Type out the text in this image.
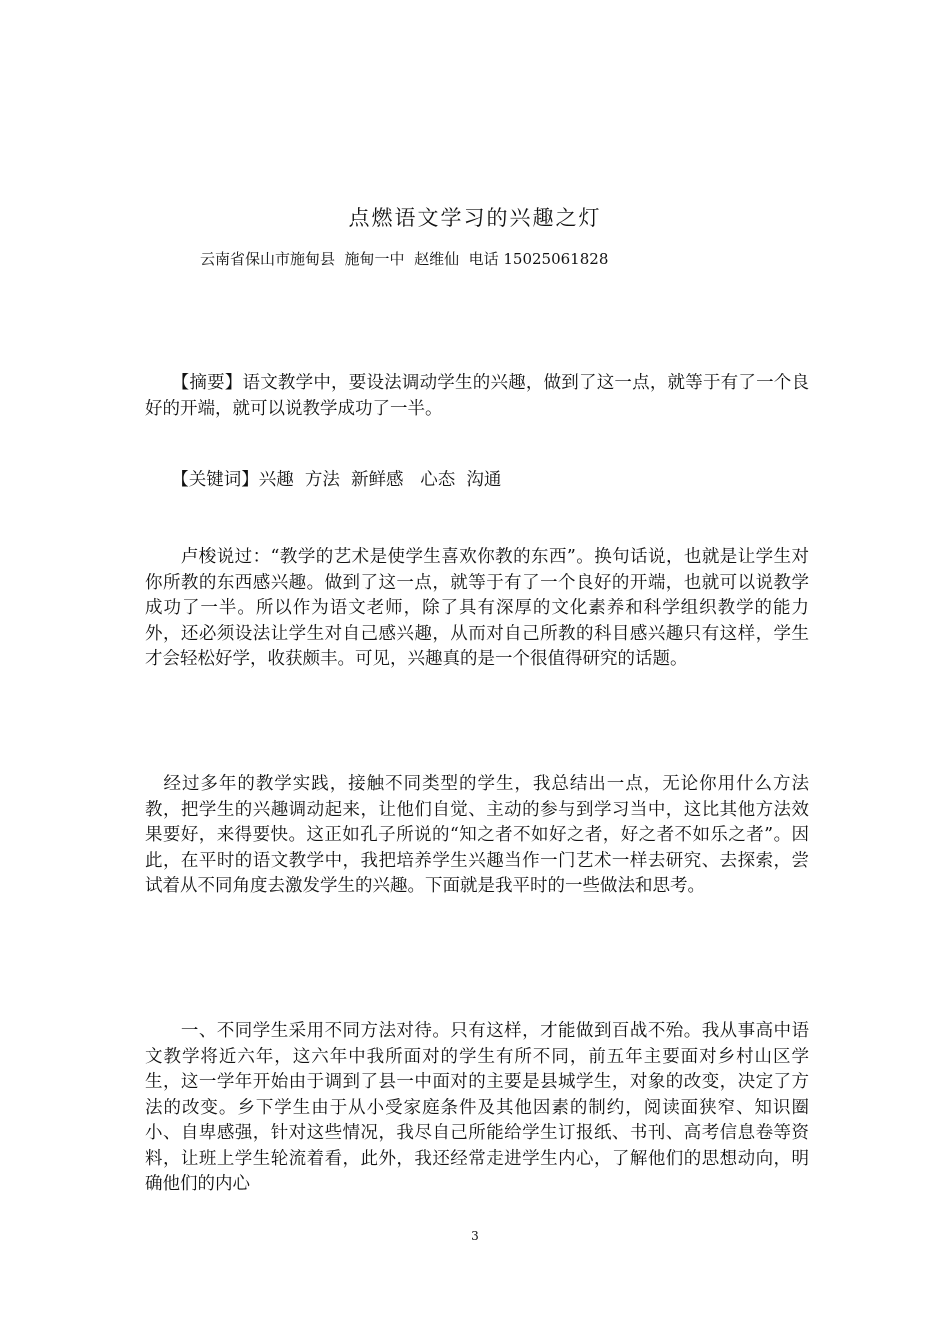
点燃语文学习的兴趣之灯
云南省保山市施甸县  施甸一中  赵维仙  电话 15025061828

　　【摘要】语文教学中，要设法调动学生的兴趣，做到了这一点，就等于有了一个良好的开端，就可以说教学成功了一半。

　　【关键词】兴趣  方法  新鲜感   心态  沟通

　　卢梭说过：“教学的艺术是使学生喜欢你教的东西”。换句话说，也就是让学生对你所教的东西感兴趣。做到了这一点，就等于有了一个良好的开端，也就可以说教学成功了一半。所以作为语文老师，除了具有深厚的文化素养和科学组织教学的能力外，还必须设法让学生对自己感兴趣，从而对自己所教的科目感兴趣只有这样，学生才会轻松好学，收获颇丰。可见，兴趣真的是一个很值得研究的话题。

　经过多年的教学实践，接触不同类型的学生，我总结出一点，无论你用什么方法教，把学生的兴趣调动起来，让他们自觉、主动的参与到学习当中，这比其他方法效果要好，来得要快。这正如孔子所说的“知之者不如好之者，好之者不如乐之者”。因此，在平时的语文教学中，我把培养学生兴趣当作一门艺术一样去研究、去探索，尝试着从不同角度去激发学生的兴趣。下面就是我平时的一些做法和思考。

　　一、不同学生采用不同方法对待。只有这样，才能做到百战不殆。我从事高中语文教学将近六年，这六年中我所面对的学生有所不同，前五年主要面对乡村山区学生，这一学年开始由于调到了县一中面对的主要是县城学生，对象的改变，决定了方法的改变。乡下学生由于从小受家庭条件及其他因素的制约，阅读面狭窄、知识圈小、自卑感强，针对这些情况，我尽自己所能给学生订报纸、书刊、高考信息卷等资料，让班上学生轮流着看，此外，我还经常走进学生内心，了解他们的思想动向，明确他们的内心

3
